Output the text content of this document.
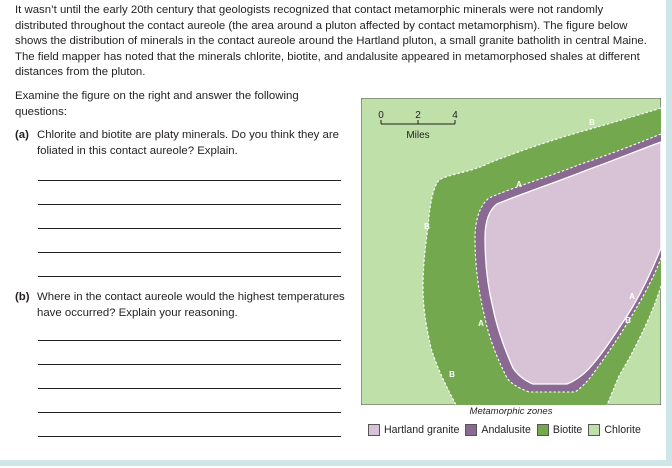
It wasn’t until the early 20th century that geologists recognized that contact metamorphic minerals were not randomly distributed throughout the contact aureole (the area around a pluton affected by contact metamorphism). The figure below shows the distribution of minerals in the contact aureole around the Hartland pluton, a small granite batholith in central Maine. The field mapper has noted that the minerals chlorite, biotite, and andalusite appeared in metamorphosed shales at different distances from the pluton.

Examine the figure on the right and answer the following questions:
(a) Chlorite and biotite are platy minerals. Do you think they are foliated in this contact aureole? Explain.
(b) Where in the contact aureole would the highest temperatures have occurred? Explain your reasoning.
0	2	4
Miles
B
A
B
A
A
B
B
Metamorphic zones
Hartland granite Andalusite Biotite Chlorite
